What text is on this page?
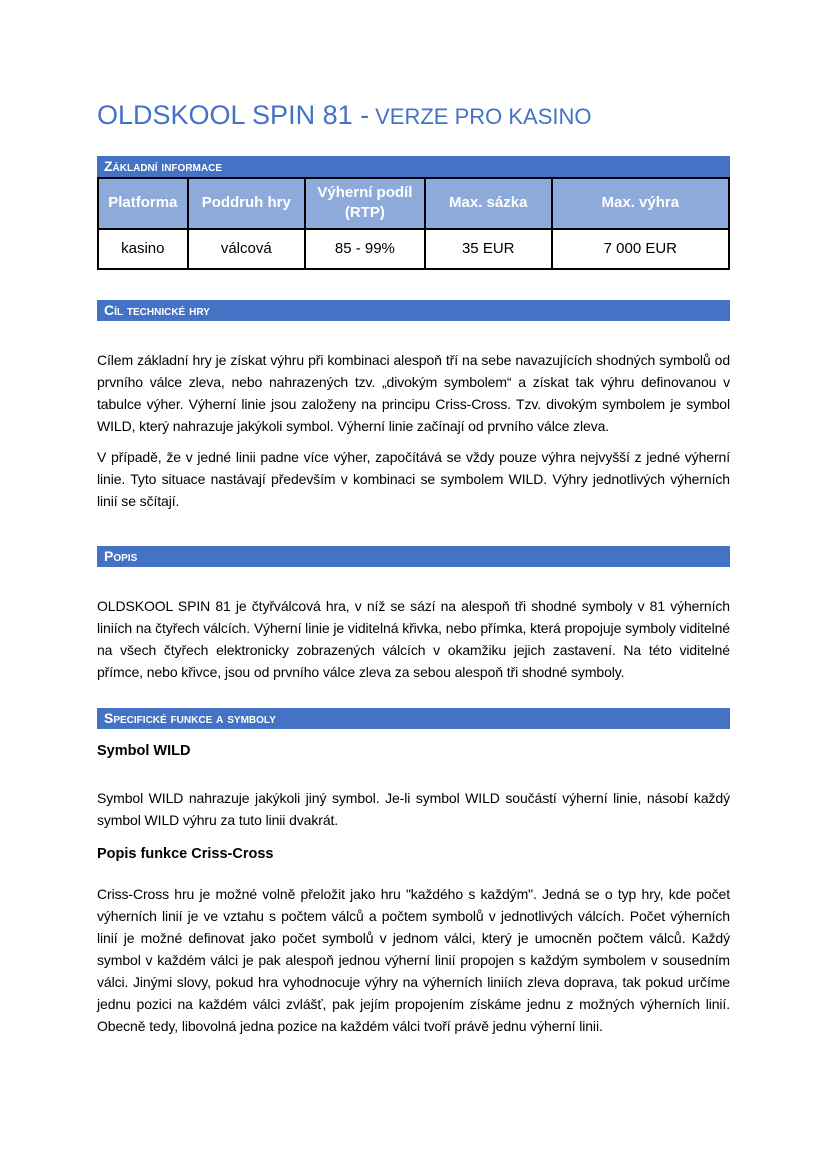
OLDSKOOL SPIN 81 - VERZE PRO KASINO
Základní informace
Platforma	Poddruh hry	Výherní podíl (RTP)	Max. sázka	Max. výhra
kasino	válcová	85 - 99%	35 EUR	7 000 EUR
Cíl technické hry

Cílem základní hry je získat výhru při kombinaci alespoň tří na sebe navazujících shodných symbolů od prvního válce zleva, nebo nahrazených tzv. „divokým symbolem“ a získat tak výhru definovanou v tabulce výher. Výherní linie jsou založeny na principu Criss-Cross. Tzv. divokým symbolem je symbol WILD, který nahrazuje jakýkoli symbol. Výherní linie začínají od prvního válce zleva.

V případě, že v jedné linii padne více výher, započítává se vždy pouze výhra nejvyšší z jedné výherní linie. Tyto situace nastávají především v kombinaci se symbolem WILD. Výhry jednotlivých výherních linií se sčítají.

Popis

OLDSKOOL SPIN 81 je čtyřválcová hra, v níž se sází na alespoň tři shodné symboly v 81 výherních liniích na čtyřech válcích. Výherní linie je viditelná křivka, nebo přímka, která propojuje symboly viditelné na všech čtyřech elektronicky zobrazených válcích v okamžiku jejich zastavení. Na této viditelné přímce, nebo křivce, jsou od prvního válce zleva za sebou alespoň tři shodné symboly.

Specifické funkce a symboly
Symbol WILD

Symbol WILD nahrazuje jakýkoli jiný symbol. Je-li symbol WILD součástí výherní linie, násobí každý symbol WILD výhru za tuto linii dvakrát.

Popis funkce Criss-Cross

Criss-Cross hru je možné volně přeložit jako hru "každého s každým". Jedná se o typ hry, kde počet výherních linií je ve vztahu s počtem válců a počtem symbolů v jednotlivých válcích. Počet výherních linií je možné definovat jako počet symbolů v jednom válci, který je umocněn počtem válců. Každý symbol v každém válci je pak alespoň jednou výherní linií propojen s každým symbolem v sousedním válci. Jinými slovy, pokud hra vyhodnocuje výhry na výherních liniích zleva doprava, tak pokud určíme jednu pozici na každém válci zvlášť, pak jejím propojením získáme jednu z možných výherních linií. Obecně tedy, libovolná jedna pozice na každém válci tvoří právě jednu výherní linii.
